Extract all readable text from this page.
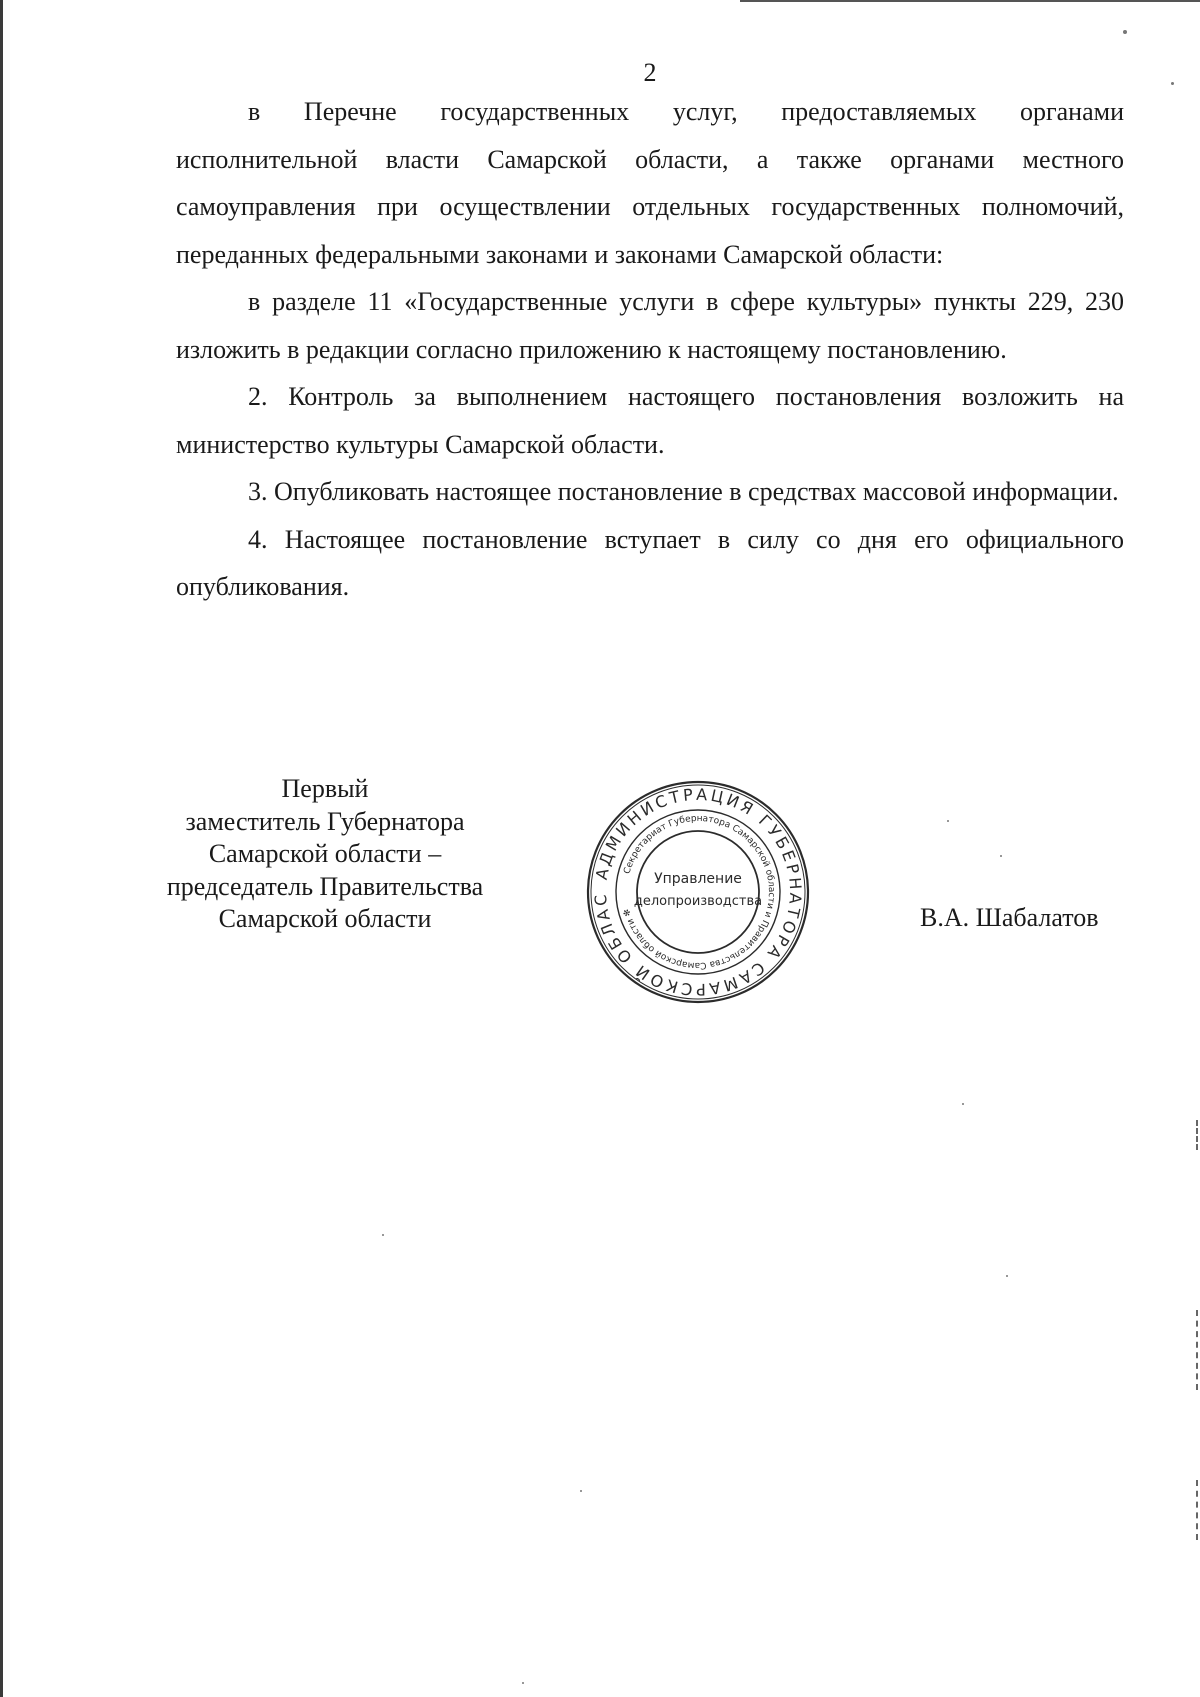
2

в Перечне государственных услуг, предоставляемых органами исполнительной власти Самарской области, а также органами местного самоуправления при осуществлении отдельных государственных полномочий, переданных федеральными законами и законами Самарской области:

в разделе 11 «Государственные услуги в сфере культуры» пункты 229, 230 изложить в редакции согласно приложению к настоящему постановлению.

2. Контроль за выполнением настоящего постановления возложить на министерство культуры Самарской области.

3. Опубликовать настоящее постановление в средствах массовой информации.

4. Настоящее постановление вступает в силу со дня его официального опубликования.

Первый
заместитель Губернатора
Самарской области –
председатель Правительства
Самарской области
АДМИНИСТРАЦИЯ ГУБЕРНАТОРА САМАРСКОЙ ОБЛАС
Секретариат Губернатора Самарской области и Правительства Самарской области ✻
Управление
делопроизводства
В.А. Шабалатов
